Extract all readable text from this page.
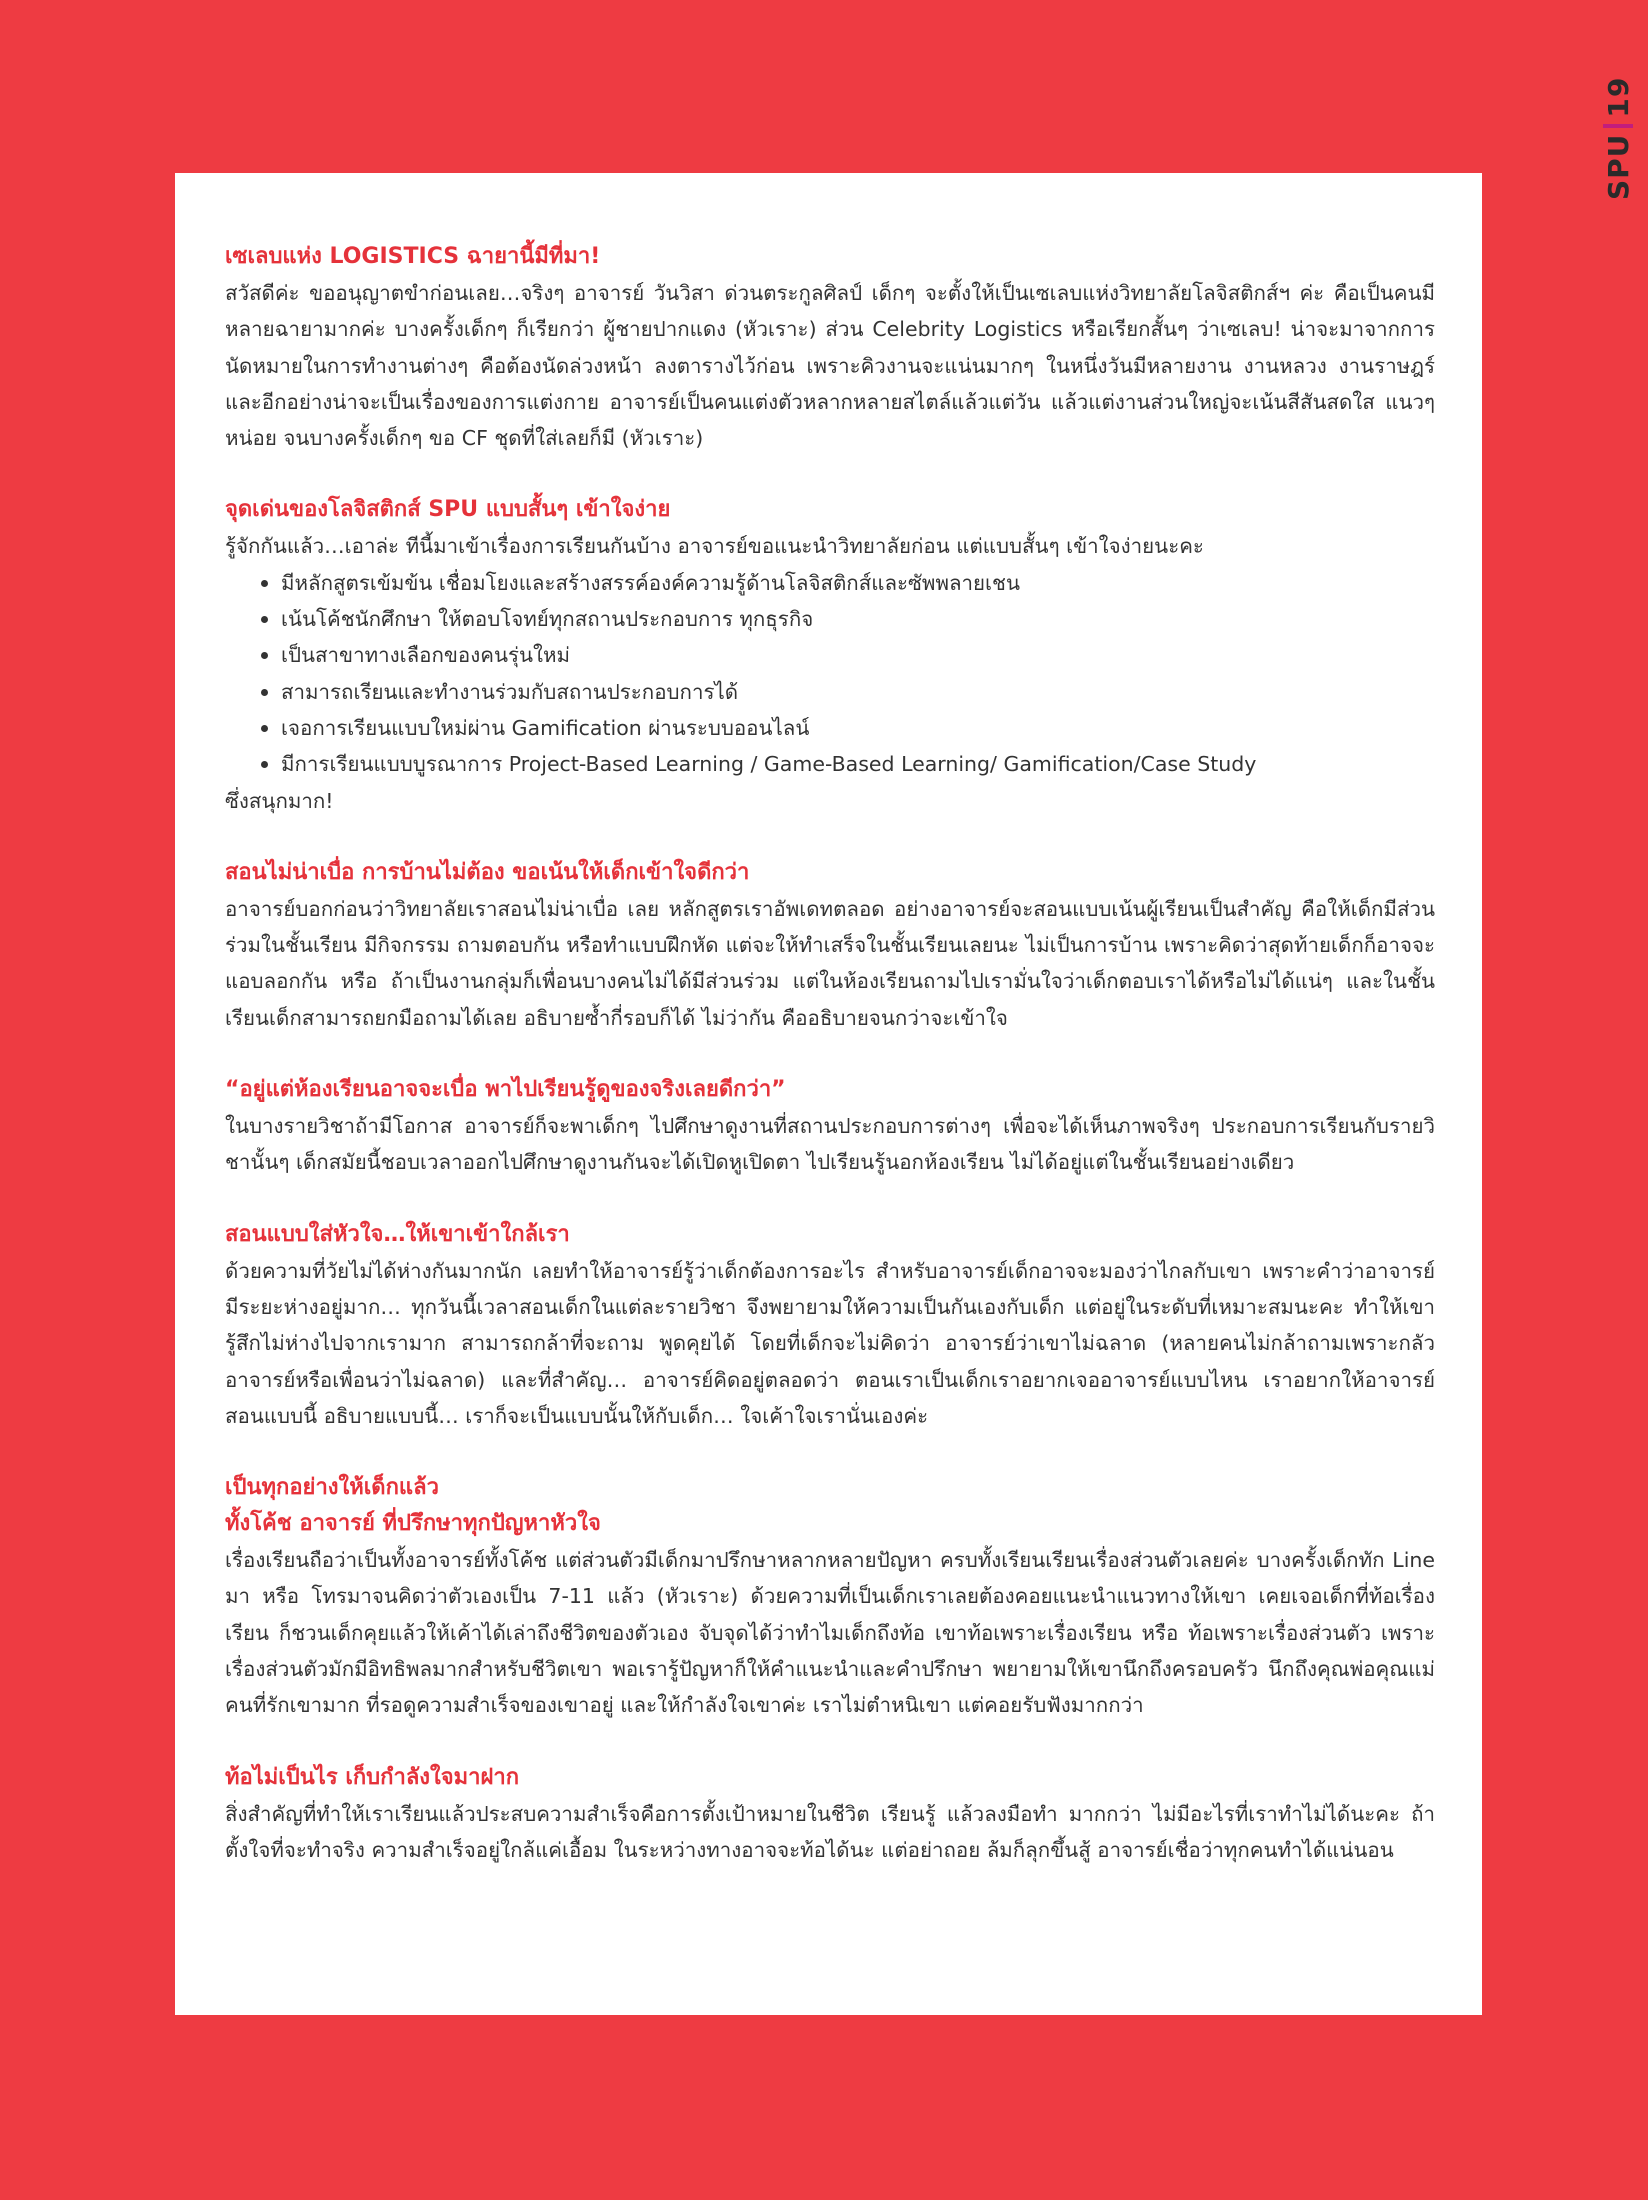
SPU
19
เซเลบแห่ง LOGISTICS ฉายานี้มีที่มา!

สวัสดีค่ะ ขออนุญาตขำก่อนเลย…จริงๆ อาจารย์ วันวิสา ด่วนตระกูลศิลป์ เด็กๆ จะตั้งให้เป็นเซเลบแห่งวิทยาลัยโลจิสติกส์ฯ ค่ะ คือเป็นคนมีหลายฉายามากค่ะ บางครั้งเด็กๆ ก็เรียกว่า ผู้ชายปากแดง (หัวเราะ) ส่วน Celebrity Logistics หรือเรียกสั้นๆ ว่าเซเลบ! น่าจะมาจากการนัดหมายในการทำงานต่างๆ คือต้องนัดล่วงหน้า ลงตารางไว้ก่อน เพราะคิวงานจะแน่นมากๆ ในหนึ่งวันมีหลายงาน งานหลวง งานราษฎร์ และอีกอย่างน่าจะเป็นเรื่องของการแต่งกาย อาจารย์เป็นคนแต่งตัวหลากหลายสไตล์แล้วแต่วัน แล้วแต่งานส่วนใหญ่จะเน้นสีสันสดใส แนวๆ หน่อย จนบางครั้งเด็กๆ ขอ CF ชุดที่ใส่เลยก็มี (หัวเราะ)

จุดเด่นของโลจิสติกส์ SPU แบบสั้นๆ เข้าใจง่าย

รู้จักกันแล้ว…เอาล่ะ ทีนี้มาเข้าเรื่องการเรียนกันบ้าง อาจารย์ขอแนะนำวิทยาลัยก่อน แต่แบบสั้นๆ เข้าใจง่ายนะคะ

มีหลักสูตรเข้มข้น เชื่อมโยงและสร้างสรรค์องค์ความรู้ด้านโลจิสติกส์และซัพพลายเชน
เน้นโค้ชนักศึกษา ให้ตอบโจทย์ทุกสถานประกอบการ ทุกธุรกิจ
เป็นสาขาทางเลือกของคนรุ่นใหม่
สามารถเรียนและทำงานร่วมกับสถานประกอบการได้
เจอการเรียนแบบใหม่ผ่าน Gamification ผ่านระบบออนไลน์
มีการเรียนแบบบูรณาการ Project-Based Learning / Game-Based Learning/ Gamification/Case Study

ซึ่งสนุกมาก!

สอนไม่น่าเบื่อ การบ้านไม่ต้อง ขอเน้นให้เด็กเข้าใจดีกว่า

อาจารย์บอกก่อนว่าวิทยาลัยเราสอนไม่น่าเบื่อ เลย หลักสูตรเราอัพเดทตลอด อย่างอาจารย์จะสอนแบบเน้นผู้เรียนเป็นสำคัญ คือให้เด็กมีส่วนร่วมในชั้นเรียน มีกิจกรรม ถามตอบกัน หรือทำแบบฝึกหัด แต่จะให้ทำเสร็จในชั้นเรียนเลยนะ ไม่เป็นการบ้าน เพราะคิดว่าสุดท้ายเด็กก็อาจจะแอบลอกกัน หรือ ถ้าเป็นงานกลุ่มก็เพื่อนบางคนไม่ได้มีส่วนร่วม แต่ในห้องเรียนถามไปเรามั่นใจว่าเด็กตอบเราได้หรือไม่ได้แน่ๆ และในชั้นเรียนเด็กสามารถยกมือถามได้เลย อธิบายซ้ำกี่รอบก็ได้ ไม่ว่ากัน คืออธิบายจนกว่าจะเข้าใจ

“อยู่แต่ห้องเรียนอาจจะเบื่อ พาไปเรียนรู้ดูของจริงเลยดีกว่า”

ในบางรายวิชาถ้ามีโอกาส อาจารย์ก็จะพาเด็กๆ ไปศึกษาดูงานที่สถานประกอบการต่างๆ เพื่อจะได้เห็นภาพจริงๆ ประกอบการเรียนกับรายวิชานั้นๆ เด็กสมัยนี้ชอบเวลาออกไปศึกษาดูงานกันจะได้เปิดหูเปิดตา ไปเรียนรู้นอกห้องเรียน ไม่ได้อยู่แต่ในชั้นเรียนอย่างเดียว

สอนแบบใส่หัวใจ…ให้เขาเข้าใกล้เรา

ด้วยความที่วัยไม่ได้ห่างกันมากนัก เลยทำให้อาจารย์รู้ว่าเด็กต้องการอะไร สำหรับอาจารย์เด็กอาจจะมองว่าไกลกับเขา เพราะคำว่าอาจารย์มีระยะห่างอยู่มาก… ทุกวันนี้เวลาสอนเด็กในแต่ละรายวิชา จึงพยายามให้ความเป็นกันเองกับเด็ก แต่อยู่ในระดับที่เหมาะสมนะคะ ทำให้เขารู้สึกไม่ห่างไปจากเรามาก สามารถกล้าที่จะถาม พูดคุยได้ โดยที่เด็กจะไม่คิดว่า อาจารย์ว่าเขาไม่ฉลาด (หลายคนไม่กล้าถามเพราะกลัวอาจารย์หรือเพื่อนว่าไม่ฉลาด) และที่สำคัญ… อาจารย์คิดอยู่ตลอดว่า ตอนเราเป็นเด็กเราอยากเจออาจารย์แบบไหน เราอยากให้อาจารย์สอนแบบนี้ อธิบายแบบนี้… เราก็จะเป็นแบบนั้นให้กับเด็ก… ใจเค้าใจเรานั่นเองค่ะ

เป็นทุกอย่างให้เด็กแล้ว
ทั้งโค้ช อาจารย์ ที่ปรึกษาทุกปัญหาหัวใจ

เรื่องเรียนถือว่าเป็นทั้งอาจารย์ทั้งโค้ช แต่ส่วนตัวมีเด็กมาปรึกษาหลากหลายปัญหา ครบทั้งเรียนเรียนเรื่องส่วนตัวเลยค่ะ บางครั้งเด็กทัก Line มา หรือ โทรมาจนคิดว่าตัวเองเป็น 7-11 แล้ว (หัวเราะ) ด้วยความที่เป็นเด็กเราเลยต้องคอยแนะนำแนวทางให้เขา เคยเจอเด็กที่ท้อเรื่องเรียน ก็ชวนเด็กคุยแล้วให้เค้าได้เล่าถึงชีวิตของตัวเอง จับจุดได้ว่าทำไมเด็กถึงท้อ เขาท้อเพราะเรื่องเรียน หรือ ท้อเพราะเรื่องส่วนตัว เพราะเรื่องส่วนตัวมักมีอิทธิพลมากสำหรับชีวิตเขา พอเรารู้ปัญหาก็ให้คำแนะนำและคำปรึกษา พยายามให้เขานึกถึงครอบครัว นึกถึงคุณพ่อคุณแม่ คนที่รักเขามาก ที่รอดูความสำเร็จของเขาอยู่ และให้กำลังใจเขาค่ะ เราไม่ตำหนิเขา แต่คอยรับฟังมากกว่า

ท้อไม่เป็นไร เก็บกำลังใจมาฝาก

สิ่งสำคัญที่ทำให้เราเรียนแล้วประสบความสำเร็จคือการตั้งเป้าหมายในชีวิต เรียนรู้ แล้วลงมือทำ มากกว่า ไม่มีอะไรที่เราทำไม่ได้นะคะ ถ้าตั้งใจที่จะทำจริง ความสำเร็จอยู่ใกล้แค่เอื้อม ในระหว่างทางอาจจะท้อได้นะ แต่อย่าถอย ล้มก็ลุกขึ้นสู้ อาจารย์เชื่อว่าทุกคนทำได้แน่นอน
